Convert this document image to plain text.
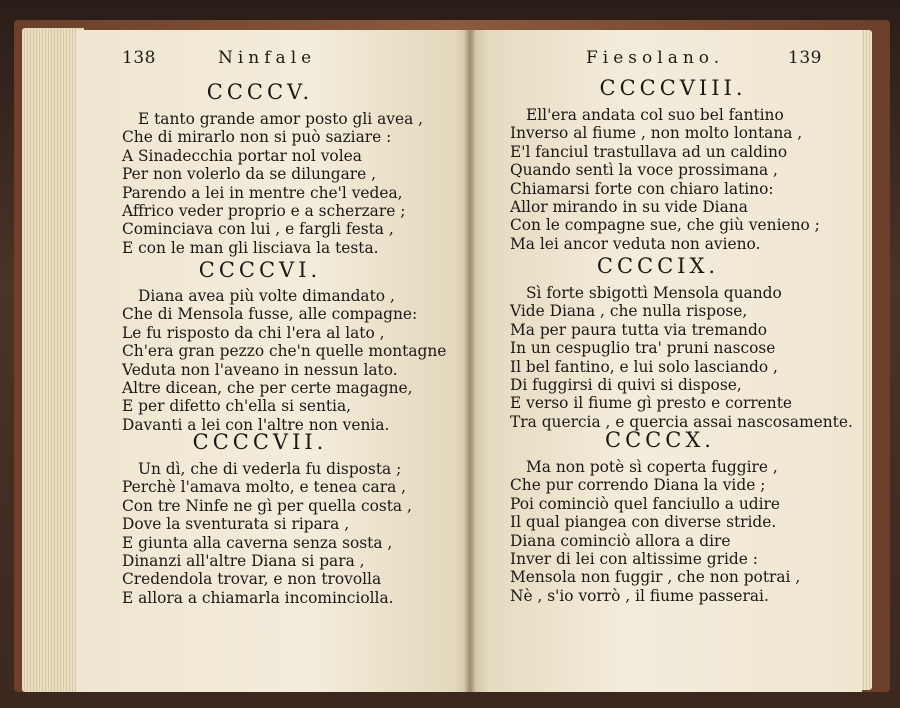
138	Ninfale	Fiesolano.	139
CCCCV.
E tanto grande amor posto gli avea ,
Che di mirarlo non si può saziare :
A Sinadecchia portar nol volea
Per non volerlo da se dilungare ,
Parendo a lei in mentre che'l vedea,
Affrico veder proprio e a scherzare ;
Cominciava con lui , e fargli festa ,
E con le man gli lisciava la testa.
CCCCVI.
Diana avea più volte dimandato ,
Che di Mensola fusse, alle compagne:
Le fu risposto da chi l'era al lato ,
Ch'era gran pezzo che'n quelle montagne
Veduta non l'aveano in nessun lato.
Altre dicean, che per certe magagne,
E per difetto ch'ella si sentia,
Davanti a lei con l'altre non venia.
CCCCVII.
Un dì, che di vederla fu disposta ;
Perchè l'amava molto, e tenea cara ,
Con tre Ninfe ne gì per quella costa ,
Dove la sventurata si ripara ,
E giunta alla caverna senza sosta ,
Dinanzi all'altre Diana si para ,
Credendola trovar, e non trovolla
E allora a chiamarla incominciolla.
CCCCVIII.
Ell'era andata col suo bel fantino
Inverso al fiume , non molto lontana ,
E'l fanciul trastullava ad un caldino
Quando sentì la voce prossimana ,
Chiamarsi forte con chiaro latino:
Allor mirando in su vide Diana
Con le compagne sue, che giù venieno ;
Ma lei ancor veduta non avieno.
CCCCIX.
Sì forte sbigottì Mensola quando
Vide Diana , che nulla rispose,
Ma per paura tutta via tremando
In un cespuglio tra' pruni nascose
Il bel fantino, e lui solo lasciando ,
Di fuggirsi di quivi si dispose,
E verso il fiume gì presto e corrente
Tra quercia , e quercia assai nascosamente.
CCCCX.
Ma non potè sì coperta fuggire ,
Che pur correndo Diana la vide ;
Poi cominciò quel fanciullo a udire
Il qual piangea con diverse stride.
Diana cominciò allora a dire
Inver di lei con altissime gride :
Mensola non fuggir , che non potrai ,
Nè , s'io vorrò , il fiume passerai.
